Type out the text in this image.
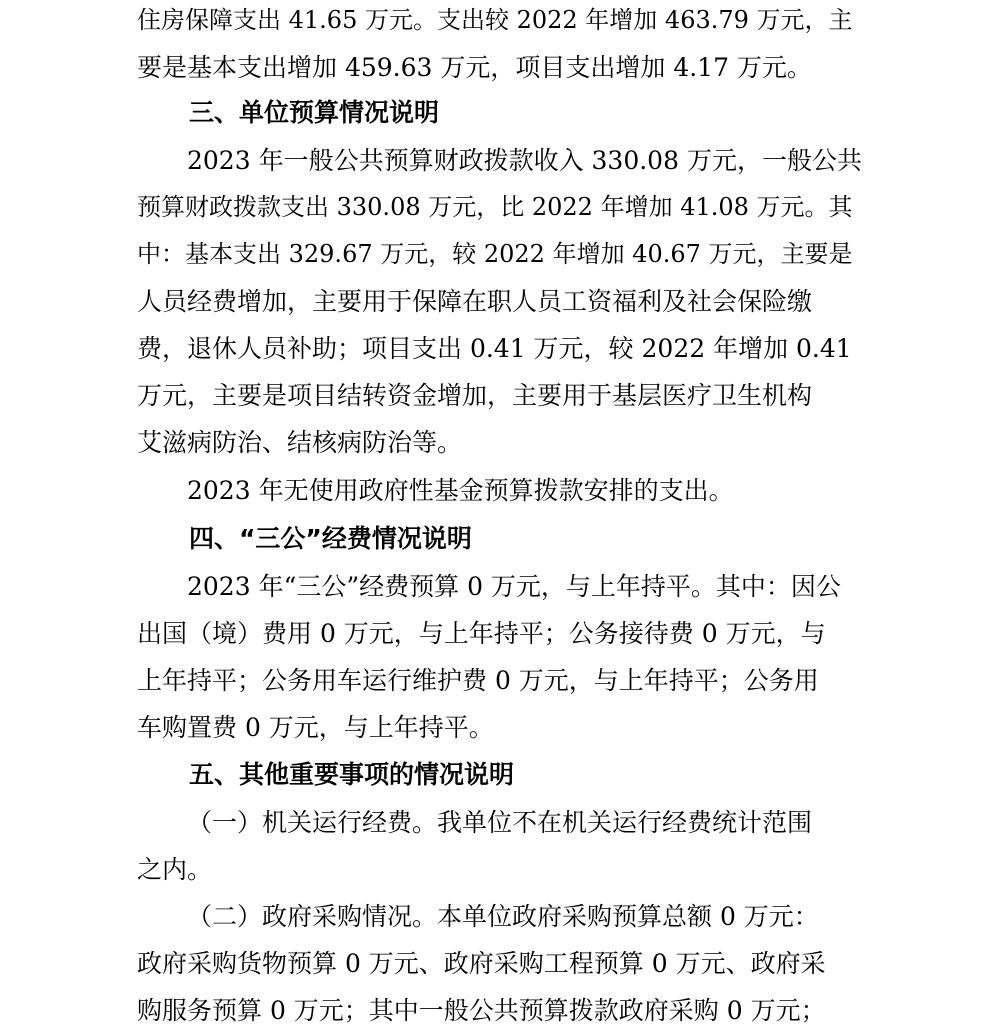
住房保障支出 41.65 万元。支出较 2022 年增加 463.79 万元，主
要是基本支出增加 459.63 万元，项目支出增加 4.17 万元。
三、单位预算情况说明
2023 年一般公共预算财政拨款收入 330.08 万元，一般公共
预算财政拨款支出 330.08 万元，比 2022 年增加 41.08 万元。其
中：基本支出 329.67 万元，较 2022 年增加 40.67 万元，主要是
人员经费增加，主要用于保障在职人员工资福利及社会保险缴
费，退休人员补助；项目支出 0.41 万元，较 2022 年增加 0.41
万元，主要是项目结转资金增加，主要用于基层医疗卫生机构
艾滋病防治、结核病防治等。
2023 年无使用政府性基金预算拨款安排的支出。
四、“三公”经费情况说明
2023 年“三公”经费预算 0 万元，与上年持平。其中：因公
出国（境）费用 0 万元，与上年持平；公务接待费 0 万元，与
上年持平；公务用车运行维护费 0 万元，与上年持平；公务用
车购置费 0 万元，与上年持平。
五、其他重要事项的情况说明
（一）机关运行经费。我单位不在机关运行经费统计范围
之内。
（二）政府采购情况。本单位政府采购预算总额 0 万元：
政府采购货物预算 0 万元、政府采购工程预算 0 万元、政府采
购服务预算 0 万元；其中一般公共预算拨款政府采购 0 万元；
